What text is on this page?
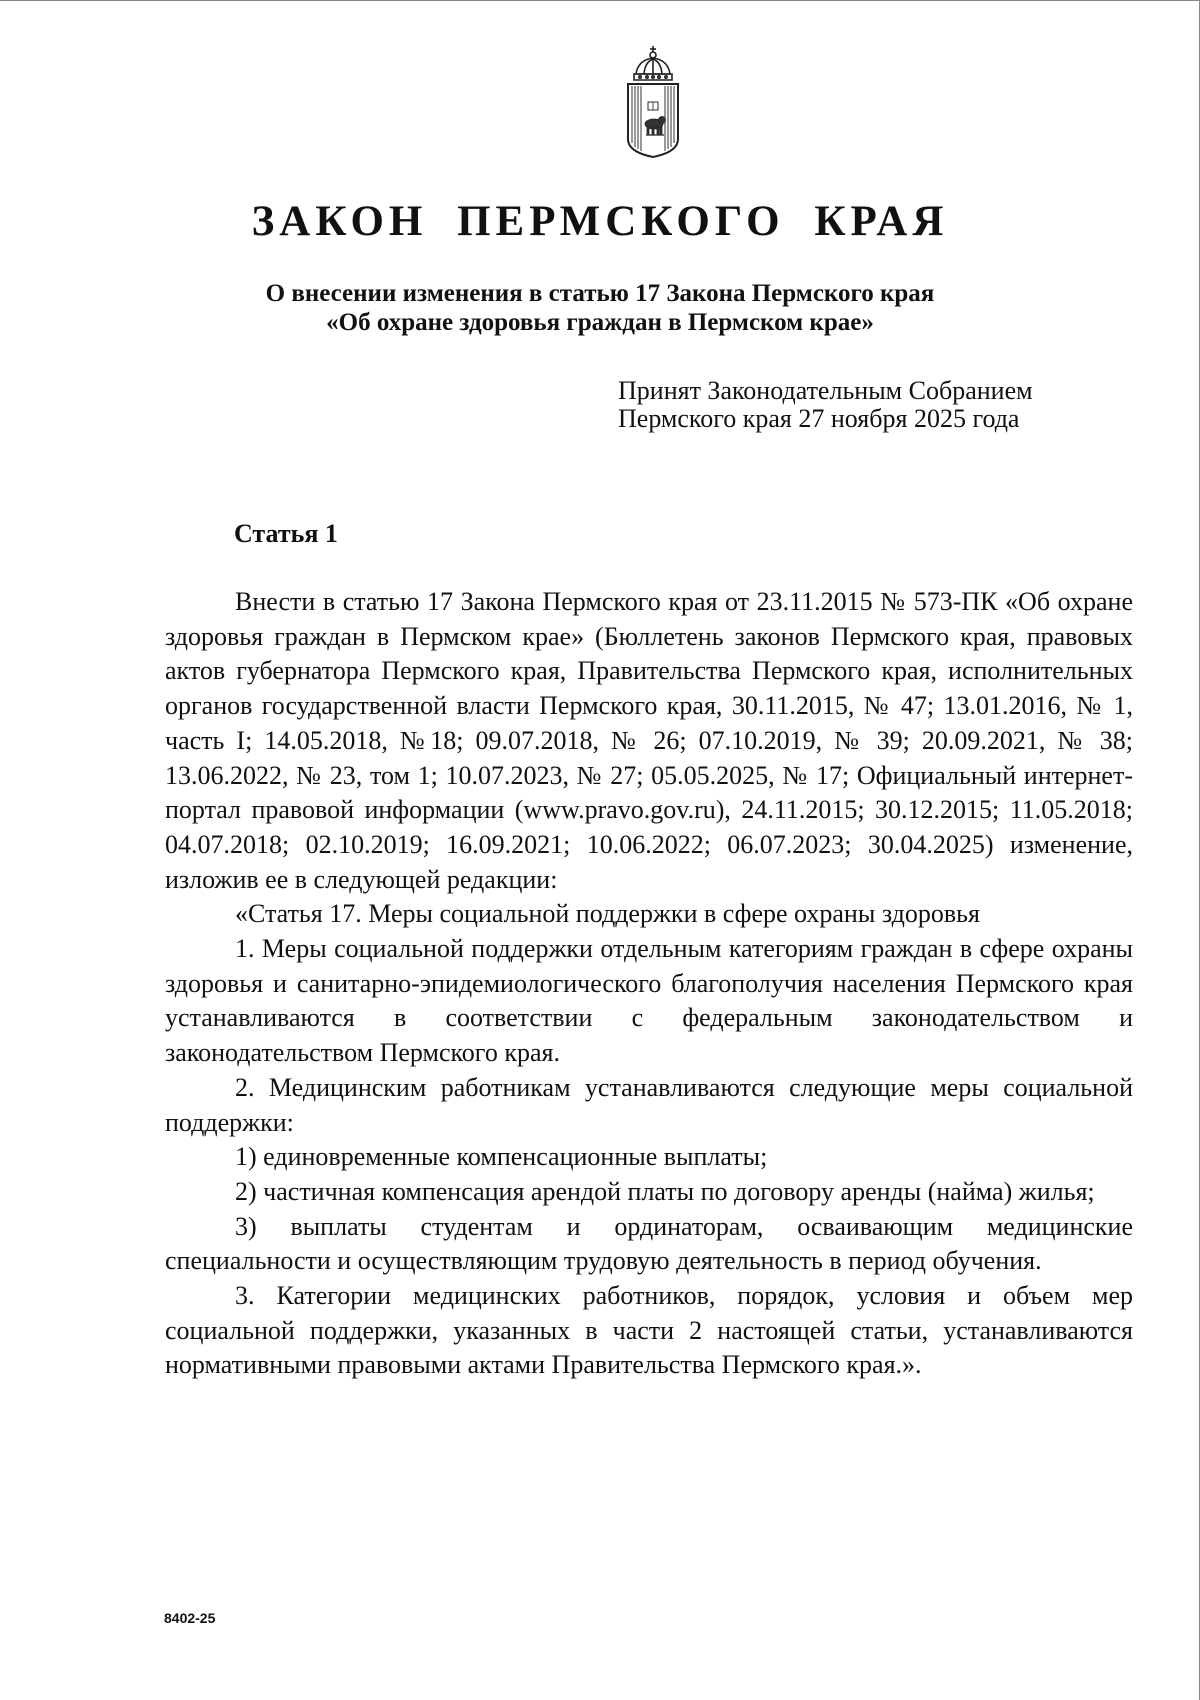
ЗАКОН ПЕРМСКОГО КРАЯ
О внесении изменения в статью 17 Закона Пермского края
«Об охране здоровья граждан в Пермском крае»
Принят Законодательным Собранием
Пермского края 27 ноября 2025 года
Статья 1

Внести в статью 17 Закона Пермского края от 23.11.2015 № 573-ПК «Об охране здоровья граждан в Пермском крае» (Бюллетень законов Пермского края, правовых актов губернатора Пермского края, Правительства Пермского края, исполнительных органов государственной власти Пермского края, 30.11.2015, № 47; 13.01.2016, № 1, часть I; 14.05.2018, №18; 09.07.2018, № 26; 07.10.2019, № 39; 20.09.2021, № 38; 13.06.2022, № 23, том 1; 10.07.2023, № 27; 05.05.2025, № 17; Официальный интернет-портал правовой информации (www.pravo.gov.ru), 24.11.2015; 30.12.2015; 11.05.2018; 04.07.2018; 02.10.2019; 16.09.2021; 10.06.2022; 06.07.2023; 30.04.2025) изменение, изложив ее в следующей редакции:

«Статья 17. Меры социальной поддержки в сфере охраны здоровья

1. Меры социальной поддержки отдельным категориям граждан в сфере охраны здоровья и санитарно-эпидемиологического благополучия населения Пермского края устанавливаются в соответствии с федеральным законодательством и законодательством Пермского края.

2. Медицинским работникам устанавливаются следующие меры социальной поддержки:

1) единовременные компенсационные выплаты;

2) частичная компенсация арендой платы по договору аренды (найма) жилья;

3) выплаты студентам и ординаторам, осваивающим медицинские специальности и осуществляющим трудовую деятельность в период обучения.

3. Категории медицинских работников, порядок, условия и объем мер социальной поддержки, указанных в части 2 настоящей статьи, устанавливаются нормативными правовыми актами Правительства Пермского края.».

8402-25
